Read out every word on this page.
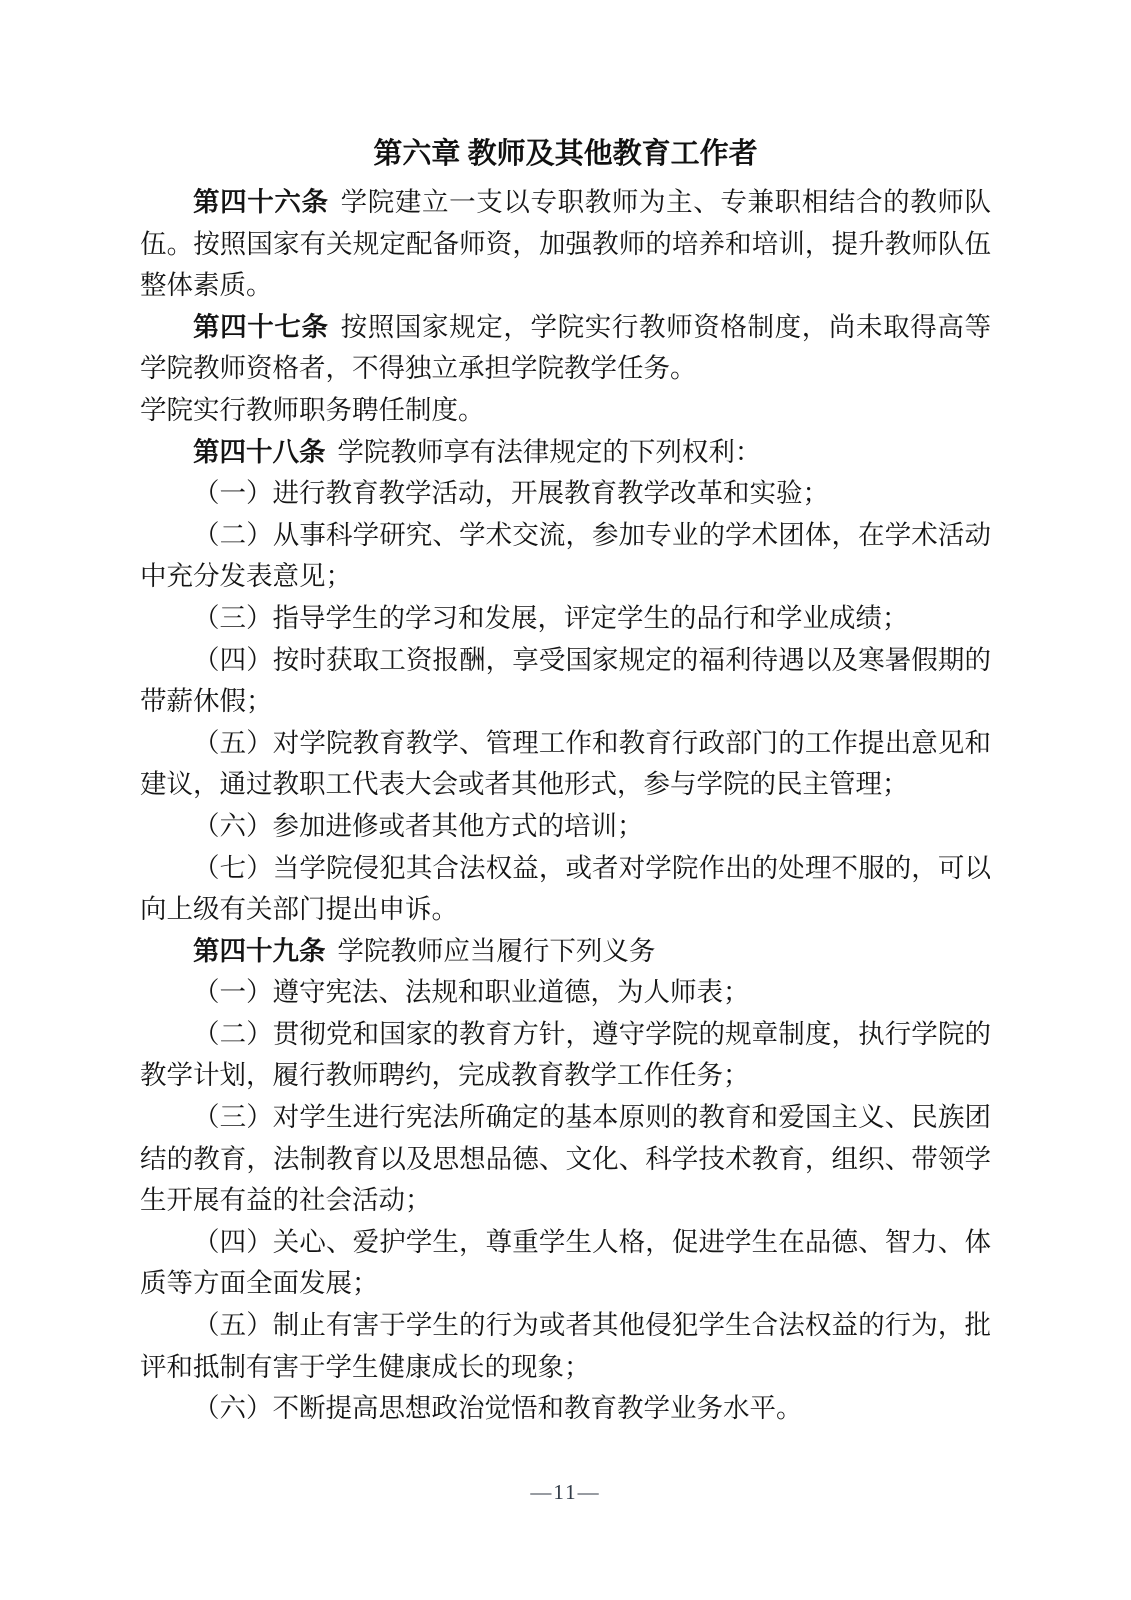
第六章 教师及其他教育工作者

第四十六条 学院建立一支以专职教师为主、专兼职相结合的教师队伍。按照国家有关规定配备师资，加强教师的培养和培训，提升教师队伍整体素质。

第四十七条 按照国家规定，学院实行教师资格制度，尚未取得高等学院教师资格者，不得独立承担学院教学任务。

学院实行教师职务聘任制度。

第四十八条 学院教师享有法律规定的下列权利：

（一）进行教育教学活动，开展教育教学改革和实验；

（二）从事科学研究、学术交流，参加专业的学术团体，在学术活动中充分发表意见；

（三）指导学生的学习和发展，评定学生的品行和学业成绩；

（四）按时获取工资报酬，享受国家规定的福利待遇以及寒暑假期的带薪休假；

（五）对学院教育教学、管理工作和教育行政部门的工作提出意见和建议，通过教职工代表大会或者其他形式，参与学院的民主管理；

（六）参加进修或者其他方式的培训；

（七）当学院侵犯其合法权益，或者对学院作出的处理不服的，可以向上级有关部门提出申诉。

第四十九条 学院教师应当履行下列义务

（一）遵守宪法、法规和职业道德，为人师表；

（二）贯彻党和国家的教育方针，遵守学院的规章制度，执行学院的教学计划，履行教师聘约，完成教育教学工作任务；

（三）对学生进行宪法所确定的基本原则的教育和爱国主义、民族团结的教育，法制教育以及思想品德、文化、科学技术教育，组织、带领学生开展有益的社会活动；

（四）关心、爱护学生，尊重学生人格，促进学生在品德、智力、体质等方面全面发展；

（五）制止有害于学生的行为或者其他侵犯学生合法权益的行为，批评和抵制有害于学生健康成长的现象；

（六）不断提高思想政治觉悟和教育教学业务水平。

—11—
